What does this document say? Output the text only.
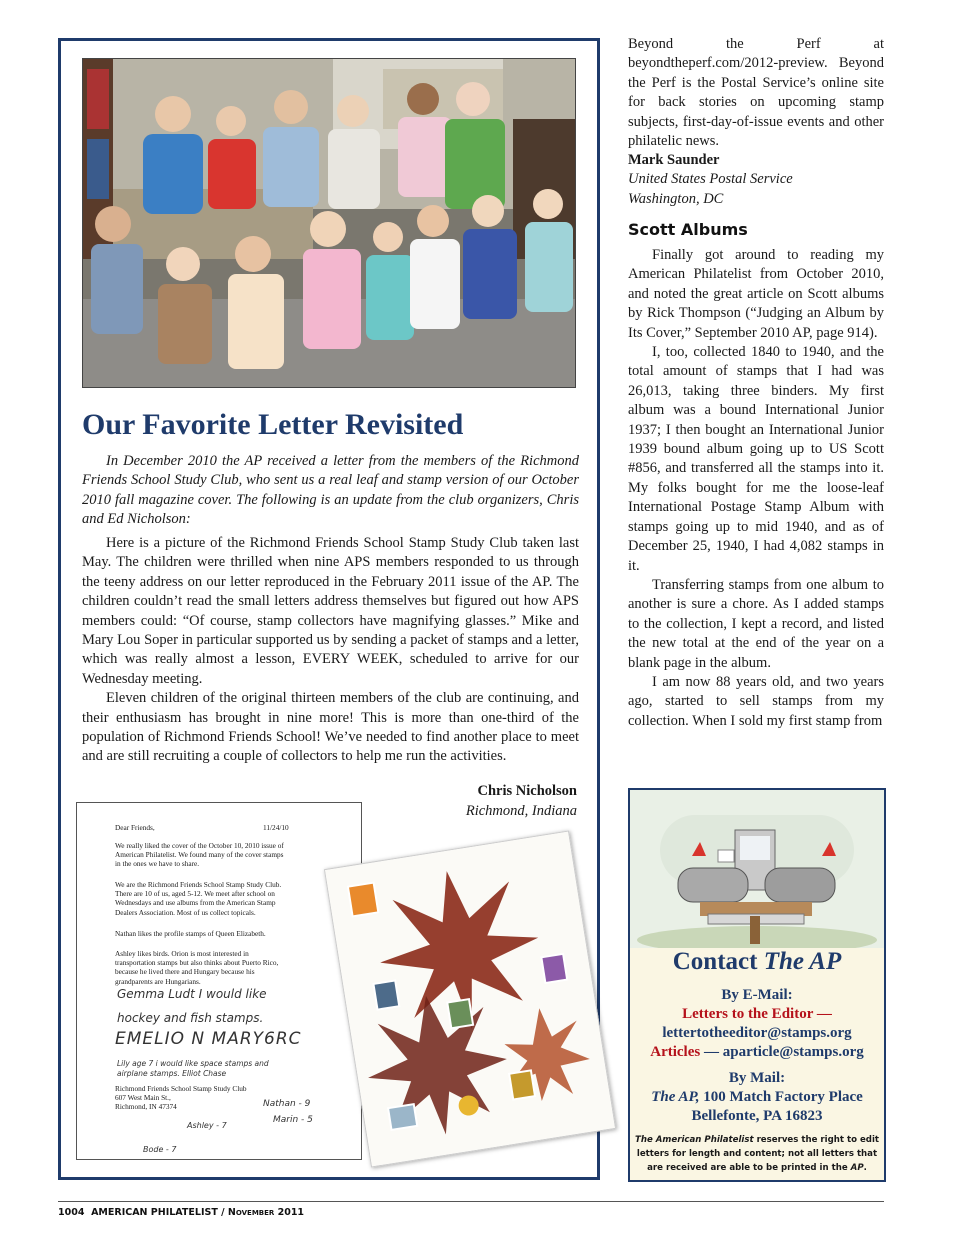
Our Favorite Letter Revisited
In December 2010 the AP received a letter from the members of the Richmond Friends School Study Club, who sent us a real leaf and stamp version of our October 2010 fall magazine cover. The following is an update from the club organizers, Chris and Ed Nicholson:

Here is a picture of the Richmond Friends School Stamp Study Club taken last May. The children were thrilled when nine APS members responded to us through the teeny address on our letter reproduced in the February 2011 issue of the AP. The children couldn’t read the small letters address themselves but figured out how APS members could: “Of course, stamp collectors have magnifying glasses.” Mike and Mary Lou Soper in particular supported us by sending a packet of stamps and a letter, which was really almost a lesson, EVERY WEEK, scheduled to arrive for our Wednesday meeting.

Eleven children of the original thirteen members of the club are continuing, and their enthusiasm has brought in nine more! This is more than one-third of the population of Richmond Friends School! We’ve needed to find another place to meet and are still recruiting a couple of collectors to help me run the activities.

Chris Nicholson
Richmond, Indiana
Dear Friends,	11/24/10
We really liked the cover of the October 10, 2010 issue of
American Philatelist. We found many of the cover stamps
in the ones we have to share.
We are the Richmond Friends School Stamp Study Club.
There are 10 of us, aged 5-12. We meet after school on
Wednesdays and use albums from the American Stamp
Dealers Association. Most of us collect topicals.
Nathan likes the profile stamps of Queen Elizabeth.
Ashley likes birds. Orion is most interested in
transportation stamps but also thinks about Puerto Rico,
because he lived there and Hungary because his
grandparents are Hungarians.
Gemma Ludt I would like
hockey and fish stamps.
EMELIO N MARY6RC
Lily age 7 i would like space stamps and
airplane stamps. Elliot Chase
Richmond Friends School Stamp Study Club
607 West Main St.,
Richmond, IN 47374	Nathan - 9
Marin - 5
Ashley - 7
Bode - 7
Beyond the Perf at beyondtheperf.com/2012-preview. Beyond the Perf is the Postal Service’s online site for back stories on upcoming stamp subjects, first-day-of-issue events and other philatelic news.
Mark Saunder
United States Postal Service
Washington, DC
Scott Albums

Finally got around to reading my American Philatelist from October 2010, and noted the great article on Scott albums by Rick Thompson (“Judging an Album by Its Cover,” September 2010 AP, page 914).

I, too, collected 1840 to 1940, and the total amount of stamps that I had was 26,013, taking three binders. My first album was a bound International Junior 1937; I then bought an International Junior 1939 bound album going up to US Scott #856, and transferred all the stamps into it. My folks bought for me the loose-leaf International Postage Stamp Album with stamps going up to mid 1940, and as of December 25, 1940, I had 4,082 stamps in it.

Transferring stamps from one album to another is sure a chore. As I added stamps to the collection, I kept a record, and listed the new total at the end of the year on a blank page in the album.

I am now 88 years old, and two years ago, started to sell stamps from my collection. When I sold my first stamp from

Contact The AP
By E-Mail:
Letters to the Editor —
lettertotheeditor@stamps.org
Articles — aparticle@stamps.org
By Mail:
The AP, 100 Match Factory Place
Bellefonte, PA 16823
The American Philatelist reserves the right to edit
letters for length and content; not all letters that
are received are able to be printed in the AP.
1004 AMERICAN PHILATELIST / November 2011
